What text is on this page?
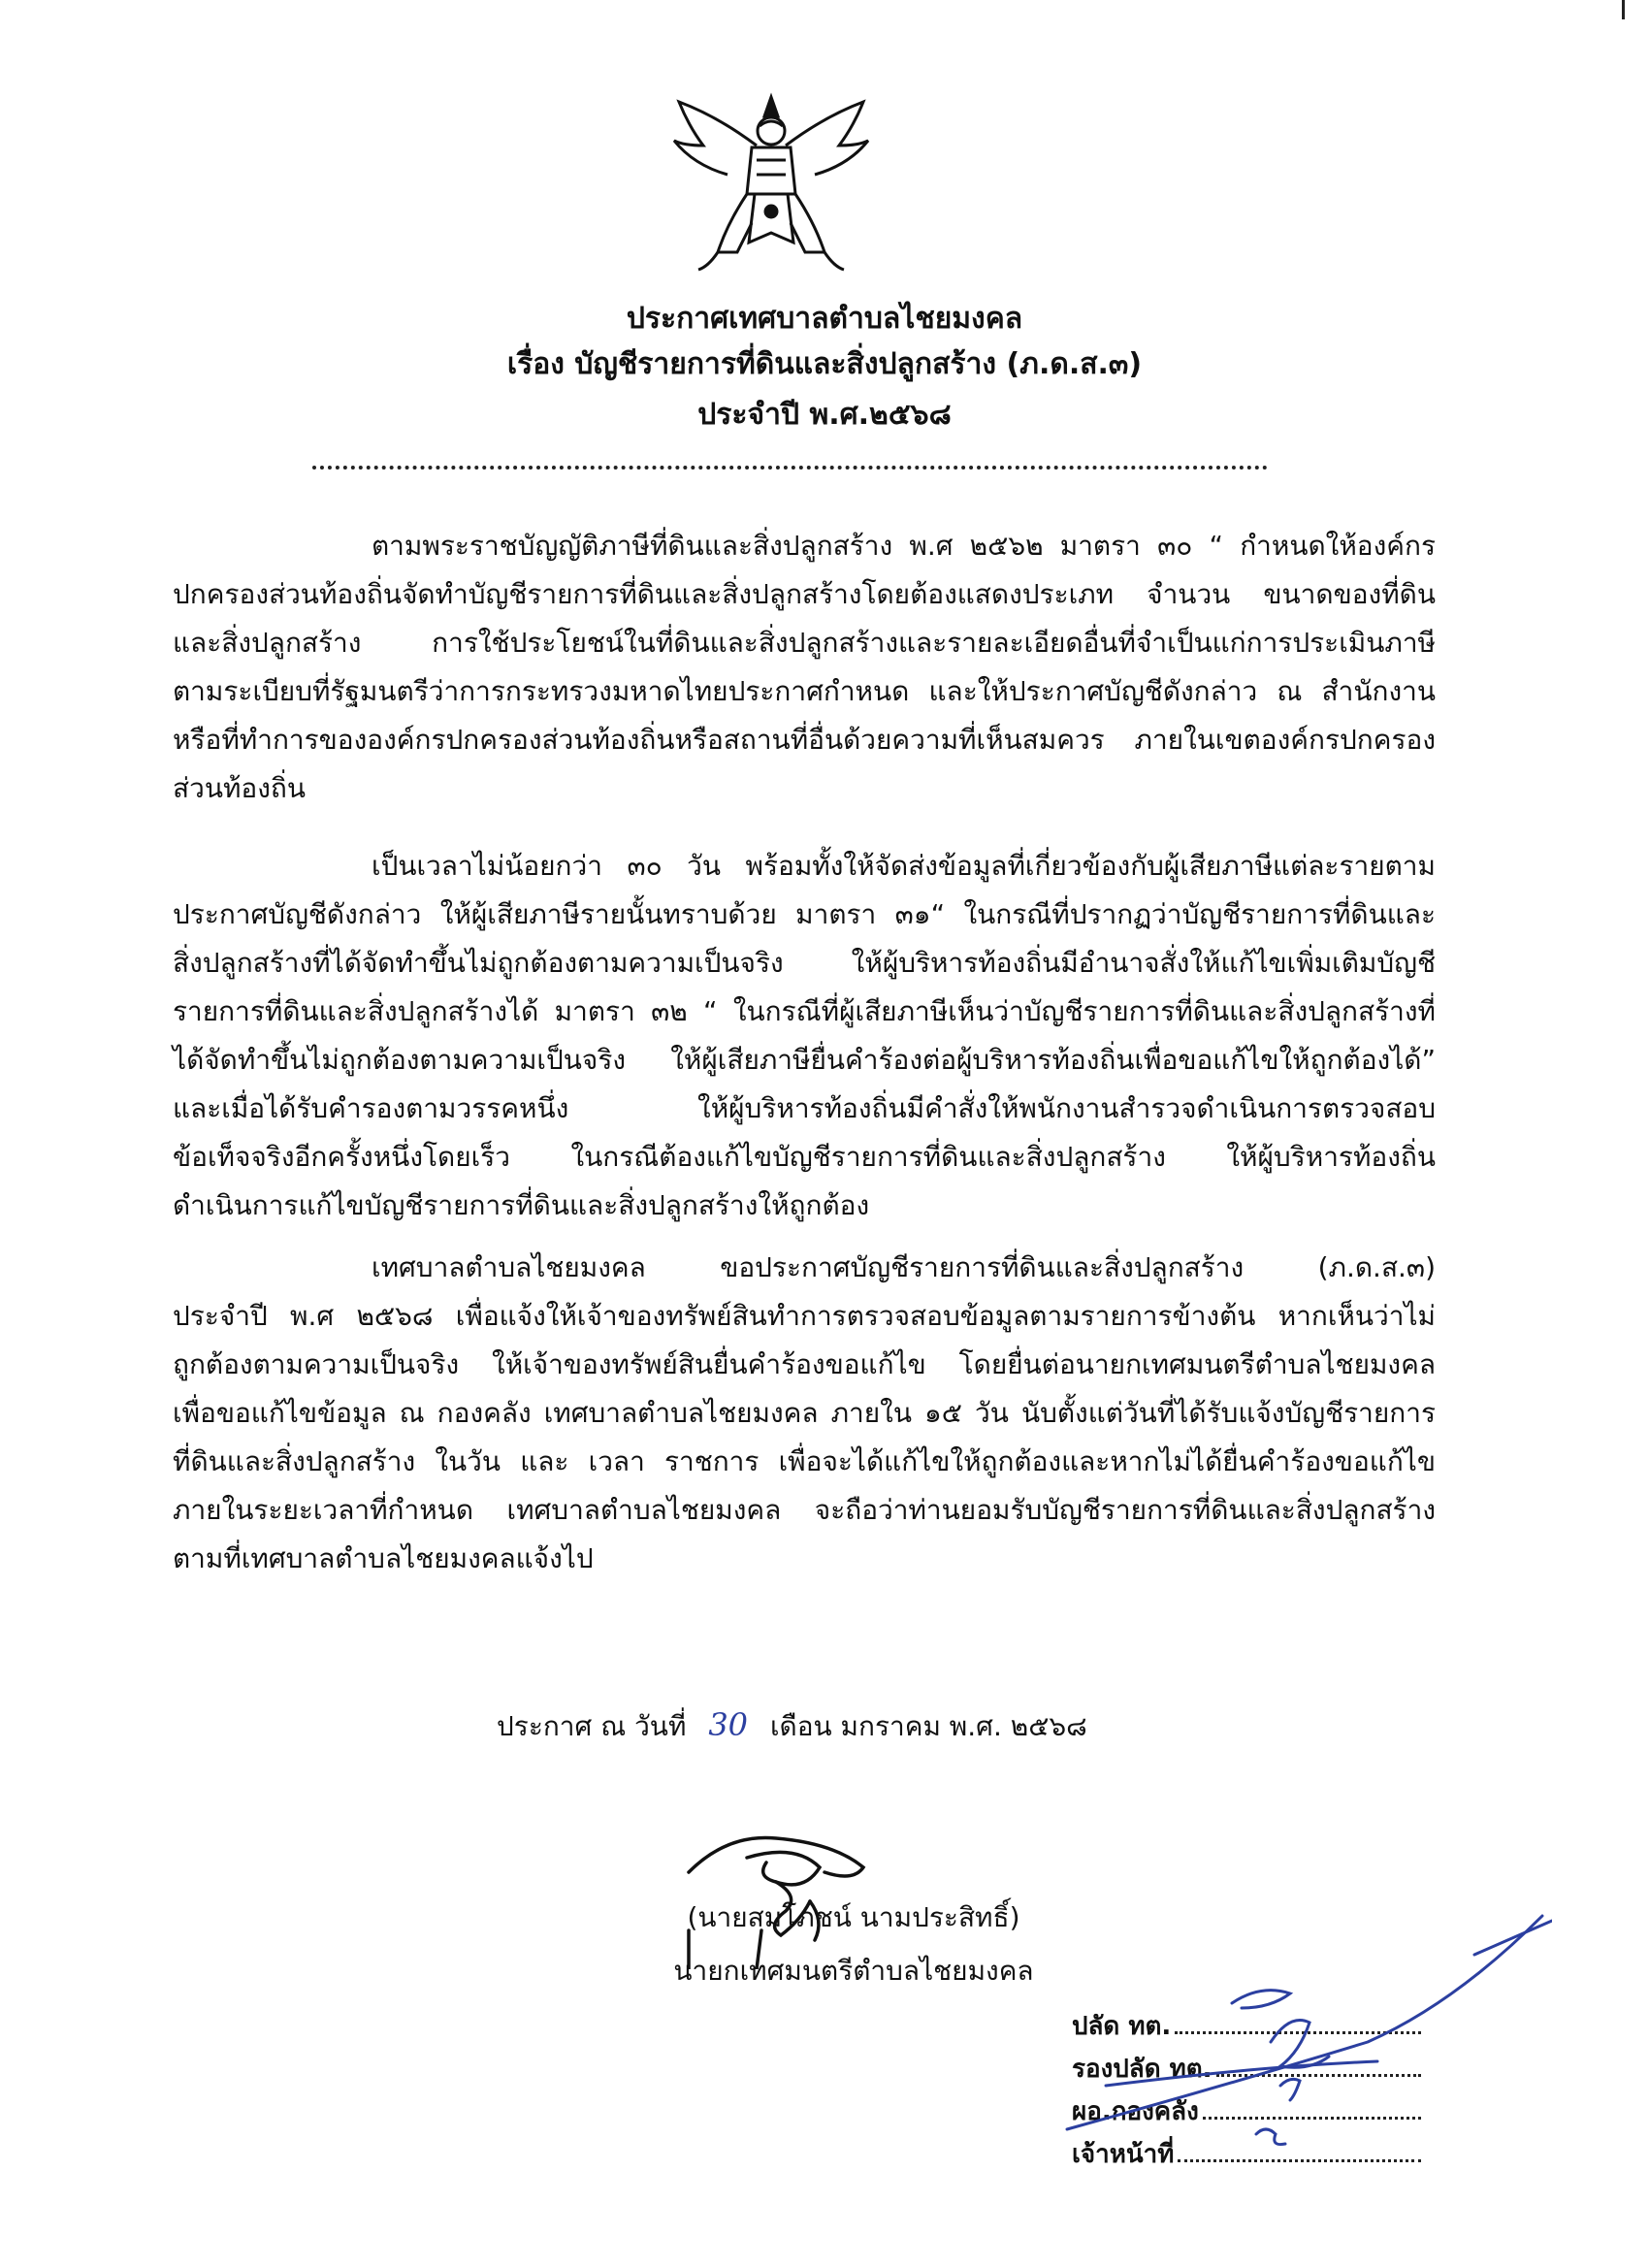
ประกาศเทศบาลตำบลไชยมงคล
เรื่อง บัญชีรายการที่ดินและสิ่งปลูกสร้าง (ภ.ด.ส.๓)
ประจำปี พ.ศ.๒๕๖๘
ตามพระราชบัญญัติภาษีที่ดินและสิ่งปลูกสร้าง พ.ศ ๒๕๖๒ มาตรา ๓๐ “ กำหนดให้องค์กร
ปกครองส่วนท้องถิ่นจัดทำบัญชีรายการที่ดินและสิ่งปลูกสร้างโดยต้องแสดงประเภท จำนวน ขนาดของที่ดิน
และสิ่งปลูกสร้าง การใช้ประโยชน์ในที่ดินและสิ่งปลูกสร้างและรายละเอียดอื่นที่จำเป็นแก่การประเมินภาษี
ตามระเบียบที่รัฐมนตรีว่าการกระทรวงมหาดไทยประกาศกำหนด และให้ประกาศบัญชีดังกล่าว ณ สำนักงาน
หรือที่ทำการขององค์กรปกครองส่วนท้องถิ่นหรือสถานที่อื่นด้วยความที่เห็นสมควร ภายในเขตองค์กรปกครอง
ส่วนท้องถิ่น
เป็นเวลาไม่น้อยกว่า ๓๐ วัน พร้อมทั้งให้จัดส่งข้อมูลที่เกี่ยวข้องกับผู้เสียภาษีแต่ละรายตาม
ประกาศบัญชีดังกล่าว ให้ผู้เสียภาษีรายนั้นทราบด้วย มาตรา ๓๑“ ในกรณีที่ปรากฏว่าบัญชีรายการที่ดินและ
สิ่งปลูกสร้างที่ได้จัดทำขึ้นไม่ถูกต้องตามความเป็นจริง ให้ผู้บริหารท้องถิ่นมีอำนาจสั่งให้แก้ไขเพิ่มเติมบัญชี
รายการที่ดินและสิ่งปลูกสร้างได้ มาตรา ๓๒ “ ในกรณีที่ผู้เสียภาษีเห็นว่าบัญชีรายการที่ดินและสิ่งปลูกสร้างที่
ได้จัดทำขึ้นไม่ถูกต้องตามความเป็นจริง ให้ผู้เสียภาษียื่นคำร้องต่อผู้บริหารท้องถิ่นเพื่อขอแก้ไขให้ถูกต้องได้”
และเมื่อได้รับคำรองตามวรรคหนึ่ง ให้ผู้บริหารท้องถิ่นมีคำสั่งให้พนักงานสำรวจดำเนินการตรวจสอบ
ข้อเท็จจริงอีกครั้งหนึ่งโดยเร็ว ในกรณีต้องแก้ไขบัญชีรายการที่ดินและสิ่งปลูกสร้าง ให้ผู้บริหารท้องถิ่น
ดำเนินการแก้ไขบัญชีรายการที่ดินและสิ่งปลูกสร้างให้ถูกต้อง
เทศบาลตำบลไชยมงคล ขอประกาศบัญชีรายการที่ดินและสิ่งปลูกสร้าง (ภ.ด.ส.๓)
ประจำปี พ.ศ ๒๕๖๘ เพื่อแจ้งให้เจ้าของทรัพย์สินทำการตรวจสอบข้อมูลตามรายการข้างต้น หากเห็นว่าไม่
ถูกต้องตามความเป็นจริง ให้เจ้าของทรัพย์สินยื่นคำร้องขอแก้ไข โดยยื่นต่อนายกเทศมนตรีตำบลไชยมงคล
เพื่อขอแก้ไขข้อมูล ณ กองคลัง เทศบาลตำบลไชยมงคล ภายใน ๑๕ วัน นับตั้งแต่วันที่ได้รับแจ้งบัญชีรายการ
ที่ดินและสิ่งปลูกสร้าง ในวัน และ เวลา ราชการ เพื่อจะได้แก้ไขให้ถูกต้องและหากไม่ได้ยื่นคำร้องขอแก้ไข
ภายในระยะเวลาที่กำหนด เทศบาลตำบลไชยมงคล จะถือว่าท่านยอมรับบัญชีรายการที่ดินและสิ่งปลูกสร้าง
ตามที่เทศบาลตำบลไชยมงคลแจ้งไป
ประกาศ ณ วันที่ 30 เดือน มกราคม พ.ศ. ๒๕๖๘
(นายสมโภชน์ นามประสิทธิ์)
นายกเทศมนตรีตำบลไชยมงคล
ปลัด ทต.
รองปลัด ทต.
ผอ.กองคลัง
เจ้าหน้าที่
